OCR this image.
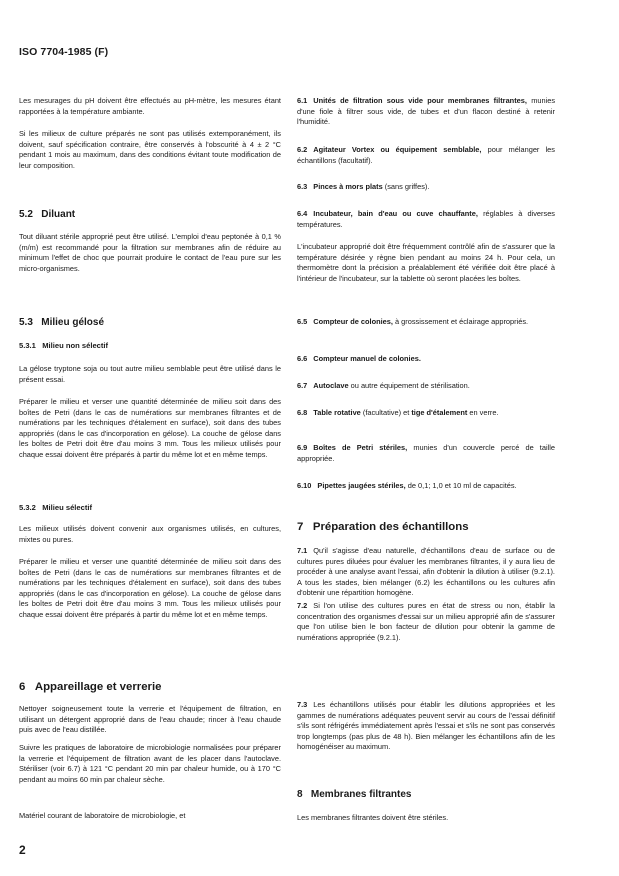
ISO 7704-1985 (F)

Les mesurages du pH doivent être effectués au pH-mètre, les mesures étant rapportées à la température ambiante.

Si les milieux de culture préparés ne sont pas utilisés extemporanément, ils doivent, sauf spécification contraire, être conservés à l'obscurité à 4 ± 2 °C pendant 1 mois au maximum, dans des conditions évitant toute modification de leur composition.

5.2 Diluant

Tout diluant stérile approprié peut être utilisé. L'emploi d'eau peptonée à 0,1 % (m/m) est recommandé pour la filtration sur membranes afin de réduire au minimum l'effet de choc que pourrait produire le contact de l'eau pure sur les micro-organismes.

5.3 Milieu gélosé
5.3.1 Milieu non sélectif

La gélose tryptone soja ou tout autre milieu semblable peut être utilisé dans le présent essai.

Préparer le milieu et verser une quantité déterminée de milieu soit dans des boîtes de Petri (dans le cas de numérations sur membranes filtrantes et de numérations par les techniques d'étalement en surface), soit dans des tubes appropriés (dans le cas d'incorporation en gélose). La couche de gélose dans les boîtes de Petri doit être d'au moins 3 mm. Tous les milieux utilisés pour chaque essai doivent être préparés à partir du même lot et en même temps.

5.3.2 Milieu sélectif

Les milieux utilisés doivent convenir aux organismes utilisés, en cultures, mixtes ou pures.

Préparer le milieu et verser une quantité déterminée de milieu soit dans des boîtes de Petri (dans le cas de numérations sur membranes filtrantes et de numérations par les techniques d'étalement en surface), soit dans des tubes appropriés (dans le cas d'incorporation en gélose). La couche de gélose dans les boîtes de Petri doit être d'au moins 3 mm. Tous les milieux utilisés pour chaque essai doivent être préparés à partir du même lot et en même temps.

6 Appareillage et verrerie

Nettoyer soigneusement toute la verrerie et l'équipement de filtration, en utilisant un détergent approprié dans de l'eau chaude; rincer à l'eau chaude puis avec de l'eau distillée.

Suivre les pratiques de laboratoire de microbiologie normalisées pour préparer la verrerie et l'équipement de filtration avant de les placer dans l'autoclave. Stériliser (voir 6.7) à 121 °C pendant 20 min par chaleur humide, ou à 170 °C pendant au moins 60 min par chaleur sèche.

Matériel courant de laboratoire de microbiologie, et

6.1 Unités de filtration sous vide pour membranes filtrantes, munies d'une fiole à filtrer sous vide, de tubes et d'un flacon destiné à retenir l'humidité.

6.2 Agitateur Vortex ou équipement semblable, pour mélanger les échantillons (facultatif).

6.3 Pinces à mors plats (sans griffes).

6.4 Incubateur, bain d'eau ou cuve chauffante, réglables à diverses températures.

L'incubateur approprié doit être fréquemment contrôlé afin de s'assurer que la température désirée y règne bien pendant au moins 24 h. Pour cela, un thermomètre dont la précision a préalablement été vérifiée doit être placé à l'intérieur de l'incubateur, sur la tablette où seront placées les boîtes.

6.5 Compteur de colonies, à grossissement et éclairage appropriés.

6.6 Compteur manuel de colonies.

6.7 Autoclave ou autre équipement de stérilisation.

6.8 Table rotative (facultative) et tige d'étalement en verre.

6.9 Boîtes de Petri stériles, munies d'un couvercle percé de taille appropriée.

6.10 Pipettes jaugées stériles, de 0,1; 1,0 et 10 ml de capacités.

7 Préparation des échantillons

7.1 Qu'il s'agisse d'eau naturelle, d'échantillons d'eau de surface ou de cultures pures diluées pour évaluer les membranes filtrantes, il y aura lieu de procéder à une analyse avant l'essai, afin d'obtenir la dilution à utiliser (9.2.1). A tous les stades, bien mélanger (6.2) les échantillons ou les cultures afin d'obtenir une répartition homogène.

7.2 Si l'on utilise des cultures pures en état de stress ou non, établir la concentration des organismes d'essai sur un milieu approprié afin de s'assurer que l'on utilise bien le bon facteur de dilution pour obtenir la gamme de numérations appropriée (9.2.1).

7.3 Les échantillons utilisés pour établir les dilutions appropriées et les gammes de numérations adéquates peuvent servir au cours de l'essai définitif s'ils sont réfrigérés immédiatement après l'essai et s'ils ne sont pas conservés trop longtemps (pas plus de 48 h). Bien mélanger les échantillons afin de les homogénéiser au maximum.

8 Membranes filtrantes

Les membranes filtrantes doivent être stériles.

2
